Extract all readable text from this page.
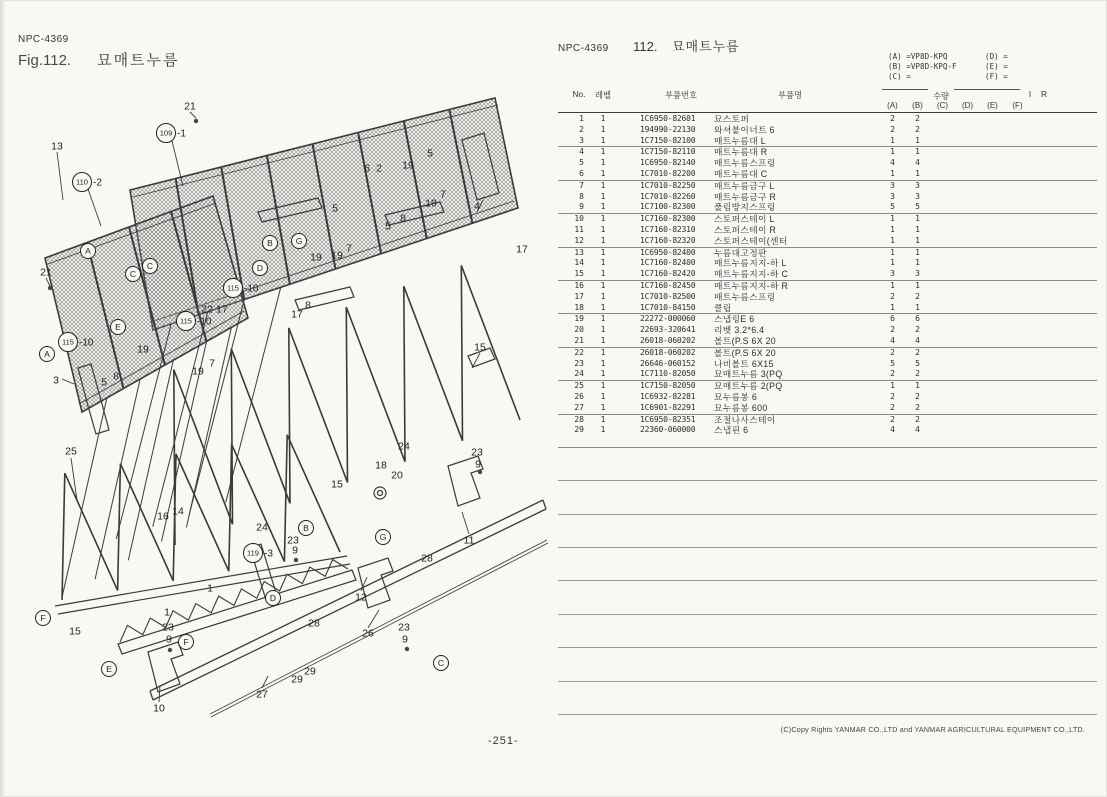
NPC-4369
Fig.112. 묘매트누름
NPC-4369 112. 묘매트누름
(A) =VP8D-KPQ
(B) =VP8D-KPQ-F
(C) =
(D) =
(E) =
(F) =
13
21
109 -1
110 -2
21
A
C
C
B	G
D
E
115 -10
115 -10
115 -10
A
22 17	17
17
7
19
19
8
5
3
25
5
6 2 19
5	19
7
4
8
5
19 19
7
8
16 14
24
24
15
18
20
15
23
9
11
B
G
23
9
119 -3
D	12
28
28
26
27
29
29
23
9
C
10
15
F
23
9 F
E
1
1
No.	레벨	부품번호	부품명	수량	I	R
(A)	(B)	(C)	(D)	(E)	(F)
1	1	1C6950-82601	묘스토퍼	2	2
2	1	194990-22130	와셔붙이너트 6	2	2
3	1	1C7150-82100	매트누름대 L	1	1
4	1	1C7150-82110	매트누름대 R	1	1
5	1	1C6950-82140	매트누름스프링	4	4
6	1	1C7010-82200	매트누름대 C	1	1
7	1	1C7010-82250	매트누름금구 L	3	3
8	1	1C7010-82260	매트누름금구 R	3	3
9	1	1C7100-82300	풀림방지스프링	5	5
10	1	1C7160-82300	스토퍼스테이 L	1	1
11	1	1C7160-82310	스토퍼스테이 R	1	1
12	1	1C7160-82320	스토퍼스테이(센터	1	1
13	1	1C6950-82400	누름대고정판	1	1
14	1	1C7160-82400	매트누름지지-하 L	1	1
15	1	1C7160-82420	매트누름지지-하 C	3	3
16	1	1C7160-82450	매트누름지지-하 R	1	1
17	1	1C7010-82500	매트누름스프링	2	2
18	1	1C7010-84150	클립	1	1
19	1	22272-000060	스냅링E 6	6	6
20	1	22693-320641	리벳 3.2*6.4	2	2
21	1	26018-060202	볼트(P.S 6X 20	4	4
22	1	26018-060202	볼트(P.S 6X 20	2	2
23	1	26646-060152	나비볼트 6X15	5	5
24	1	1C7110-82050	묘매트누름 3(PQ	2	2
25	1	1C7150-82050	묘매트누름 2(PQ	1	1
26	1	1C6932-82281	묘누름봉 6	2	2
27	1	1C6901-82291	묘누름봉 600	2	2
28	1	1C6950-82351	조절나사스테이	2	2
29	1	22360-060000	스냅핀 6	4	4
(C)Copy Rights YANMAR CO.,LTD and YANMAR AGRICULTURAL EQUIPMENT CO.,LTD.
-251-
